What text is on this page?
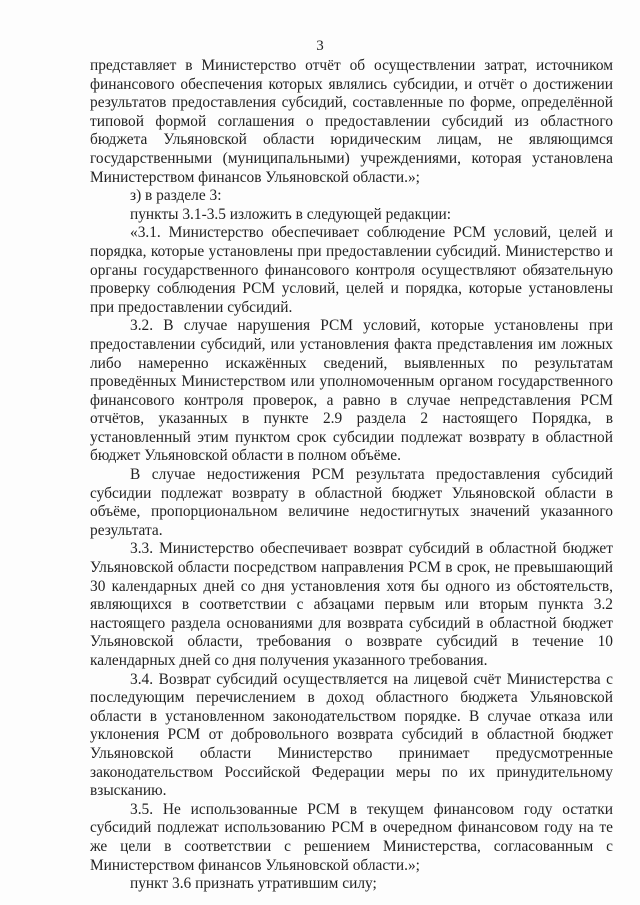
3

представляет в Министерство отчёт об осуществлении затрат, источником финансового обеспечения которых являлись субсидии, и отчёт о достижении результатов предоставления субсидий, составленные по форме, определённой типовой формой соглашения о предоставлении субсидий из областного бюджета Ульяновской области юридическим лицам, не являющимся государственными (муниципальными) учреждениями, которая установлена Министерством финансов Ульяновской области.»;

з) в разделе 3:

пункты 3.1-3.5 изложить в следующей редакции:

«3.1. Министерство обеспечивает соблюдение РСМ условий, целей и порядка, которые установлены при предоставлении субсидий. Министерство и органы государственного финансового контроля осуществляют обязательную проверку соблюдения РСМ условий, целей и порядка, которые установлены при предоставлении субсидий.

3.2. В случае нарушения РСМ условий, которые установлены при предоставлении субсидий, или установления факта представления им ложных либо намеренно искажённых сведений, выявленных по результатам проведённых Министерством или уполномоченным органом государственного финансового контроля проверок, а равно в случае непредставления РСМ отчётов, указанных в пункте 2.9 раздела 2 настоящего Порядка, в установленный этим пунктом срок субсидии подлежат возврату в областной бюджет Ульяновской области в полном объёме.

В случае недостижения РСМ результата предоставления субсидий субсидии подлежат возврату в областной бюджет Ульяновской области в объёме, пропорциональном величине недостигнутых значений указанного результата.

3.3. Министерство обеспечивает возврат субсидий в областной бюджет Ульяновской области посредством направления РСМ в срок, не превышающий 30 календарных дней со дня установления хотя бы одного из обстоятельств, являющихся в соответствии с абзацами первым или вторым пункта 3.2 настоящего раздела основаниями для возврата субсидий в областной бюджет Ульяновской области, требования о возврате субсидий в течение 10 календарных дней со дня получения указанного требования.

3.4. Возврат субсидий осуществляется на лицевой счёт Министерства с последующим перечислением в доход областного бюджета Ульяновской области в установленном законодательством порядке. В случае отказа или уклонения РСМ от добровольного возврата субсидий в областной бюджет Ульяновской области Министерство принимает предусмотренные законодательством Российской Федерации меры по их принудительному взысканию.

3.5. Не использованные РСМ в текущем финансовом году остатки субсидий подлежат использованию РСМ в очередном финансовом году на те же цели в соответствии с решением Министерства, согласованным с Министерством финансов Ульяновской области.»;

пункт 3.6 признать утратившим силу;
